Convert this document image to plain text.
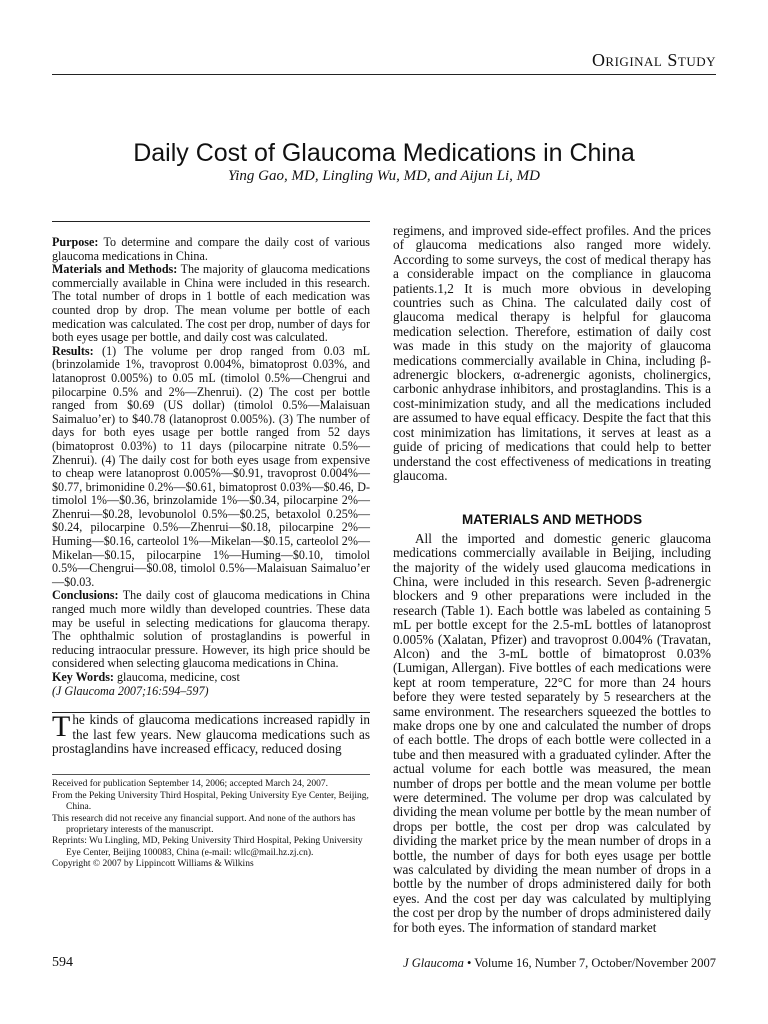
Original Study
Daily Cost of Glaucoma Medications in China
Ying Gao, MD, Lingling Wu, MD, and Aijun Li, MD

Purpose: To determine and compare the daily cost of various glaucoma medications in China.

Materials and Methods: The majority of glaucoma medications commercially available in China were included in this research. The total number of drops in 1 bottle of each medication was counted drop by drop. The mean volume per bottle of each medication was calculated. The cost per drop, number of days for both eyes usage per bottle, and daily cost was calculated.

Results: (1) The volume per drop ranged from 0.03 mL (brinzolamide 1%, travoprost 0.004%, bimatoprost 0.03%, and latanoprost 0.005%) to 0.05 mL (timolol 0.5%—Chengrui and pilocarpine 0.5% and 2%—Zhenrui). (2) The cost per bottle ranged from $0.69 (US dollar) (timolol 0.5%—Malaisuan Saimaluo’er) to $40.78 (latanoprost 0.005%). (3) The number of days for both eyes usage per bottle ranged from 52 days (bimatoprost 0.03%) to 11 days (pilocarpine nitrate 0.5%—Zhenrui). (4) The daily cost for both eyes usage from expensive to cheap were latanoprost 0.005%—$0.91, travoprost 0.004%—$0.77, brimonidine 0.2%—$0.61, bimatoprost 0.03%—$0.46, D-timolol 1%—$0.36, brinzolamide 1%—$0.34, pilocarpine 2%—Zhenrui—$0.28, levobunolol 0.5%—$0.25, betaxolol 0.25%—$0.24, pilocarpine 0.5%—Zhenrui—$0.18, pilocarpine 2%—Huming—$0.16, carteolol 1%—Mikelan—$0.15, carteolol 2%—Mikelan—$0.15, pilocarpine 1%—Huming—$0.10, timolol 0.5%—Chengrui—$0.08, timolol 0.5%—Malaisuan Saimaluo’er—$0.03.

Conclusions: The daily cost of glaucoma medications in China ranged much more wildly than developed countries. These data may be useful in selecting medications for glaucoma therapy. The ophthalmic solution of prostaglandins is powerful in reducing intraocular pressure. However, its high price should be considered when selecting glaucoma medications in China.

Key Words: glaucoma, medicine, cost

(J Glaucoma 2007;16:594–597)

The kinds of glaucoma medications increased rapidly in the last few years. New glaucoma medications such as prostaglandins have increased efficacy, reduced dosing

Received for publication September 14, 2006; accepted March 24, 2007.

From the Peking University Third Hospital, Peking University Eye Center, Beijing, China.

This research did not receive any financial support. And none of the authors has proprietary interests of the manuscript.

Reprints: Wu Lingling, MD, Peking University Third Hospital, Peking University Eye Center, Beijing 100083, China (e-mail: wllc@mail.hz.zj.cn).

Copyright © 2007 by Lippincott Williams & Wilkins

regimens, and improved side-effect profiles. And the prices of glaucoma medications also ranged more widely. According to some surveys, the cost of medical therapy has a considerable impact on the compliance in glaucoma patients.1,2 It is much more obvious in developing countries such as China. The calculated daily cost of glaucoma medical therapy is helpful for glaucoma medication selection. Therefore, estimation of daily cost was made in this study on the majority of glaucoma medications commercially available in China, including β-adrenergic blockers, α-adrenergic agonists, cholinergics, carbonic anhydrase inhibitors, and prostaglandins. This is a cost-minimization study, and all the medications included are assumed to have equal efficacy. Despite the fact that this cost minimization has limitations, it serves at least as a guide of pricing of medications that could help to better understand the cost effectiveness of medications in treating glaucoma.

MATERIALS AND METHODS

All the imported and domestic generic glaucoma medications commercially available in Beijing, including the majority of the widely used glaucoma medications in China, were included in this research. Seven β-adrenergic blockers and 9 other preparations were included in the research (Table 1). Each bottle was labeled as containing 5 mL per bottle except for the 2.5-mL bottles of latanoprost 0.005% (Xalatan, Pfizer) and travoprost 0.004% (Travatan, Alcon) and the 3-mL bottle of bimatoprost 0.03% (Lumigan, Allergan). Five bottles of each medications were kept at room temperature, 22°C for more than 24 hours before they were tested separately by 5 researchers at the same environment. The researchers squeezed the bottles to make drops one by one and calculated the number of drops of each bottle. The drops of each bottle were collected in a tube and then measured with a graduated cylinder. After the actual volume for each bottle was measured, the mean number of drops per bottle and the mean volume per bottle were determined. The volume per drop was calculated by dividing the mean volume per bottle by the mean number of drops per bottle, the cost per drop was calculated by dividing the market price by the mean number of drops in a bottle, the number of days for both eyes usage per bottle was calculated by dividing the mean number of drops in a bottle by the number of drops administered daily for both eyes. And the cost per day was calculated by multiplying the cost per drop by the number of drops administered daily for both eyes. The information of standard market

594	J Glaucoma • Volume 16, Number 7, October/November 2007
